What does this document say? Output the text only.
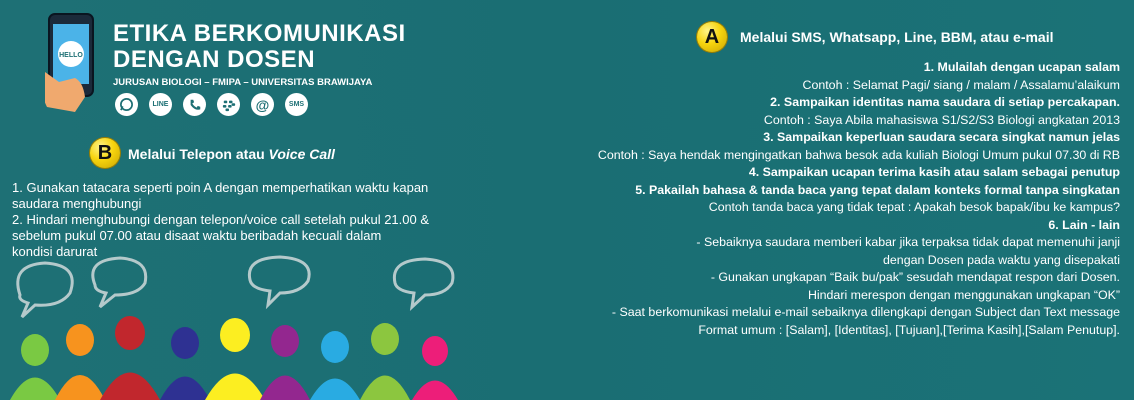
HELLO
ETIKA BERKOMUNIKASI
DENGAN DOSEN
JURUSAN BIOLOGI – FMIPA – UNIVERSITAS BRAWIJAYA
LINE	@	SMS
A	Melalui SMS, Whatsapp, Line, BBM, atau e-mail
1. Mulailah dengan ucapan salam
Contoh : Selamat Pagi/ siang / malam / Assalamu’alaikum
2. Sampaikan identitas nama saudara di setiap percakapan.
Contoh : Saya Abila mahasiswa S1/S2/S3 Biologi angkatan 2013
3. Sampaikan keperluan saudara secara singkat namun jelas
Contoh : Saya hendak mengingatkan bahwa besok ada kuliah Biologi Umum pukul 07.30 di RB
4. Sampaikan ucapan terima kasih atau salam sebagai penutup
5. Pakailah bahasa & tanda baca yang tepat dalam konteks formal tanpa singkatan
Contoh tanda baca yang tidak tepat : Apakah besok bapak/ibu ke kampus?
6. Lain - lain
- Sebaiknya saudara memberi kabar jika terpaksa tidak dapat memenuhi janji
dengan Dosen pada waktu yang disepakati
- Gunakan ungkapan “Baik bu/pak” sesudah mendapat respon dari Dosen.
Hindari merespon dengan menggunakan ungkapan “OK”
- Saat berkomunikasi melalui e-mail sebaiknya dilengkapi dengan Subject dan Text message
Format umum : [Salam], [Identitas], [Tujuan],[Terima Kasih],[Salam Penutup].
B	Melalui Telepon atau Voice Call
1. Gunakan tatacara seperti poin A dengan memperhatikan waktu kapan
saudara menghubungi
2. Hindari menghubungi dengan telepon/voice call setelah pukul 21.00 &
sebelum pukul 07.00 atau disaat waktu beribadah kecuali dalam
kondisi darurat
